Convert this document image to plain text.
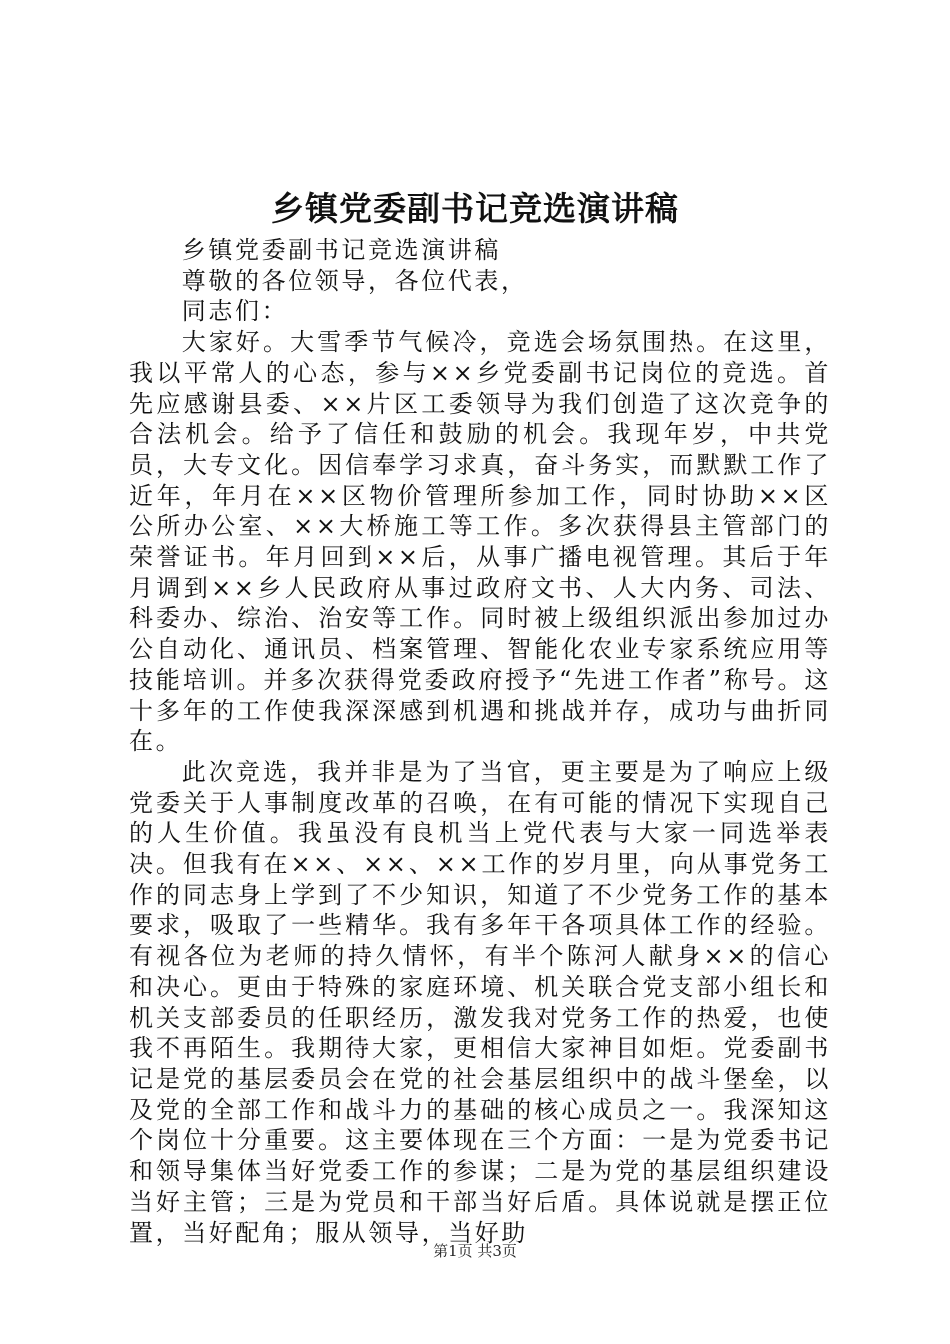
乡镇党委副书记竞选演讲稿

乡镇党委副书记竞选演讲稿

尊敬的各位领导，各位代表，

同志们：

大家好。大雪季节气候冷，竞选会场氛围热。在这里，我以平常人的心态，参与××乡党委副书记岗位的竞选。首先应感谢县委、××片区工委领导为我们创造了这次竞争的合法机会。给予了信任和鼓励的机会。我现年岁，中共党员，大专文化。因信奉学习求真，奋斗务实，而默默工作了近年，年月在××区物价管理所参加工作，同时协助××区公所办公室、××大桥施工等工作。多次获得县主管部门的荣誉证书。年月回到××后，从事广播电视管理。其后于年月调到××乡人民政府从事过政府文书、人大内务、司法、科委办、综治、治安等工作。同时被上级组织派出参加过办公自动化、通讯员、档案管理、智能化农业专家系统应用等技能培训。并多次获得党委政府授予“先进工作者”称号。这十多年的工作使我深深感到机遇和挑战并存，成功与曲折同在。

此次竞选，我并非是为了当官，更主要是为了响应上级党委关于人事制度改革的召唤，在有可能的情况下实现自己的人生价值。我虽没有良机当上党代表与大家一同选举表决。但我有在××、××、××工作的岁月里，向从事党务工作的同志身上学到了不少知识，知道了不少党务工作的基本要求，吸取了一些精华。我有多年干各项具体工作的经验。有视各位为老师的持久情怀，有半个陈河人献身××的信心和决心。更由于特殊的家庭环境、机关联合党支部小组长和机关支部委员的任职经历，激发我对党务工作的热爱，也使我不再陌生。我期待大家，更相信大家神目如炬。党委副书记是党的基层委员会在党的社会基层组织中的战斗堡垒，以及党的全部工作和战斗力的基础的核心成员之一。我深知这个岗位十分重要。这主要体现在三个方面：一是为党委书记和领导集体当好党委工作的参谋；二是为党的基层组织建设当好主管；三是为党员和干部当好后盾。具体说就是摆正位置，当好配角；服从领导，当好助

第1页 共3页
